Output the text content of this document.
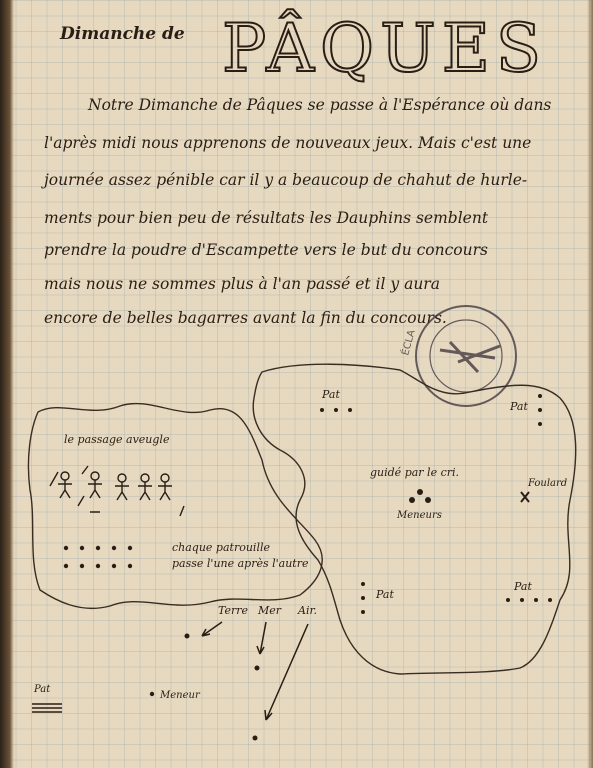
Dimanche de PÂQUES
Notre Dimanche de Pâques se passe à l'Espérance où dans
l'après midi nous apprenons de nouveaux jeux. Mais c'est une
journée assez pénible car il y a beaucoup de chahut de hurle-
ments pour bien peu de résultats les Dauphins semblent
prendre la poudre d'Escampette vers le but du concours
mais nous ne sommes plus à l'an passé et il y aura
encore de belles bagarres avant la fin du concours.
ÉCLA
le passage aveugle
chaque patrouille
passe l'une après l'autre
Pat
Pat
guidé par le cri.
Meneurs
Foulard
Pat
Pat
Terre Mer Air.
Pat
Meneur
